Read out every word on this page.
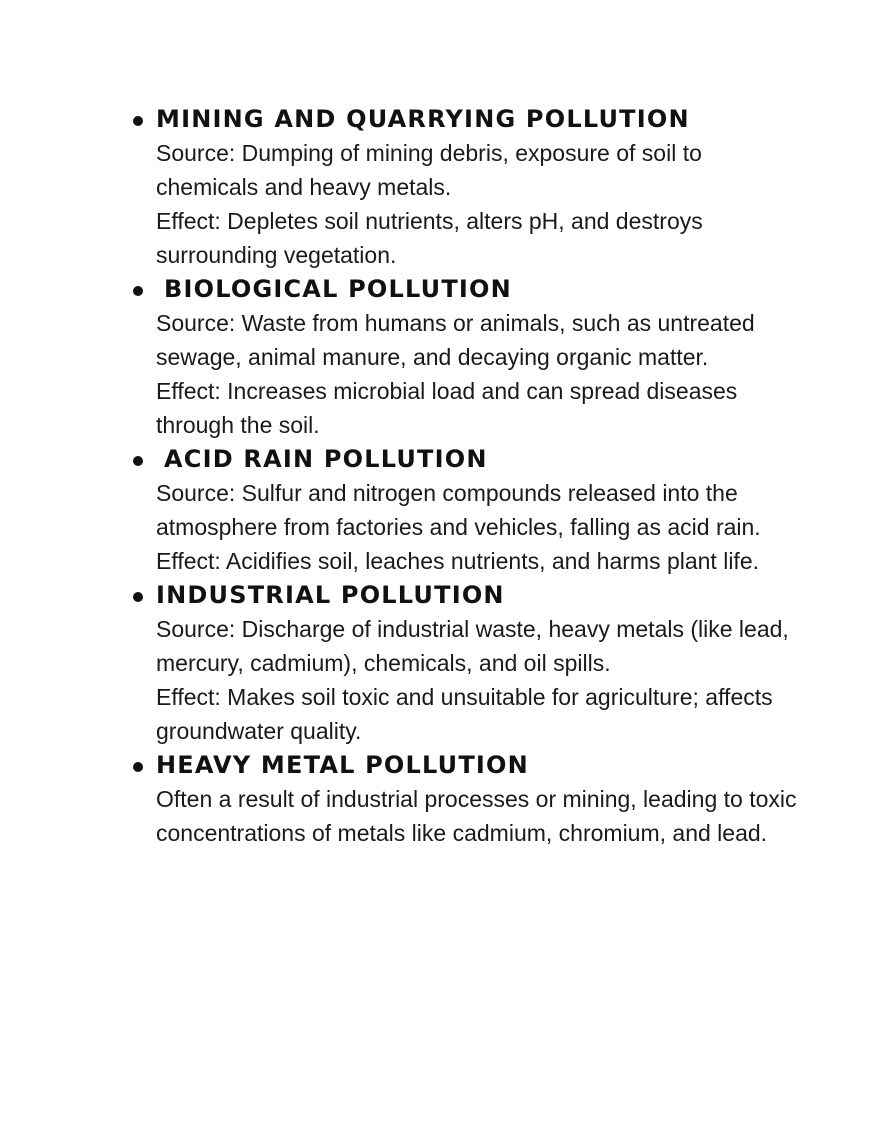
MINING AND QUARRYING POLLUTION

Source: Dumping of mining debris, exposure of soil to chemicals and heavy metals.

Effect: Depletes soil nutrients, alters pH, and destroys surrounding vegetation.

BIOLOGICAL POLLUTION

Source: Waste from humans or animals, such as untreated sewage, animal manure, and decaying organic matter.

Effect: Increases microbial load and can spread diseases through the soil.

ACID RAIN POLLUTION

Source: Sulfur and nitrogen compounds released into the atmosphere from factories and vehicles, falling as acid rain.

Effect: Acidifies soil, leaches nutrients, and harms plant life.

INDUSTRIAL POLLUTION

Source: Discharge of industrial waste, heavy metals (like lead, mercury, cadmium), chemicals, and oil spills.

Effect: Makes soil toxic and unsuitable for agriculture; affects groundwater quality.

HEAVY METAL POLLUTION

Often a result of industrial processes or mining, leading to toxic concentrations of metals like cadmium, chromium, and lead.
